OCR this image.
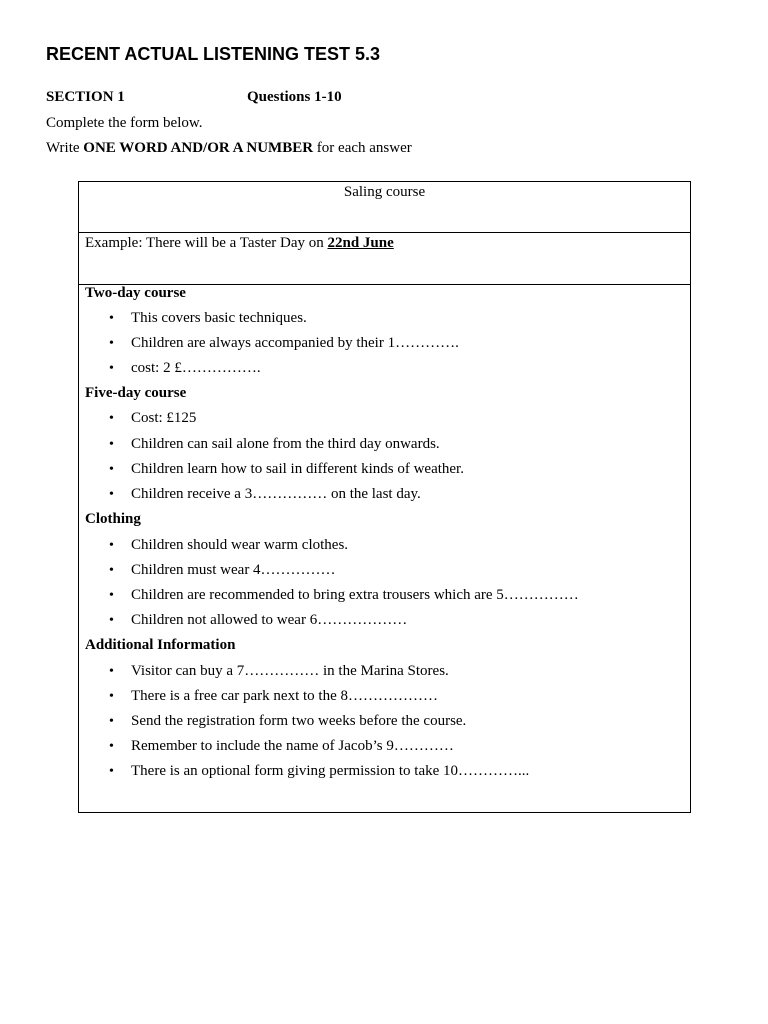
RECENT ACTUAL LISTENING TEST 5.3
SECTION 1	Questions 1-10
Complete the form below.
Write ONE WORD AND/OR A NUMBER for each answer
Saling course
Example: There will be a Taster Day on 22nd June
Two-day course
• This covers basic techniques.
• Children are always accompanied by their 1………….
• cost: 2 £…………….
Five-day course
• Cost: £125
• Children can sail alone from the third day onwards.
• Children learn how to sail in different kinds of weather.
• Children receive a 3…………… on the last day.
Clothing
• Children should wear warm clothes.
• Children must wear 4……………
• Children are recommended to bring extra trousers which are 5……………
• Children not allowed to wear 6………………
Additional Information
• Visitor can buy a 7…………… in the Marina Stores.
• There is a free car park next to the 8………………
• Send the registration form two weeks before the course.
• Remember to include the name of Jacob’s 9…………
• There is an optional form giving permission to take 10…………...
